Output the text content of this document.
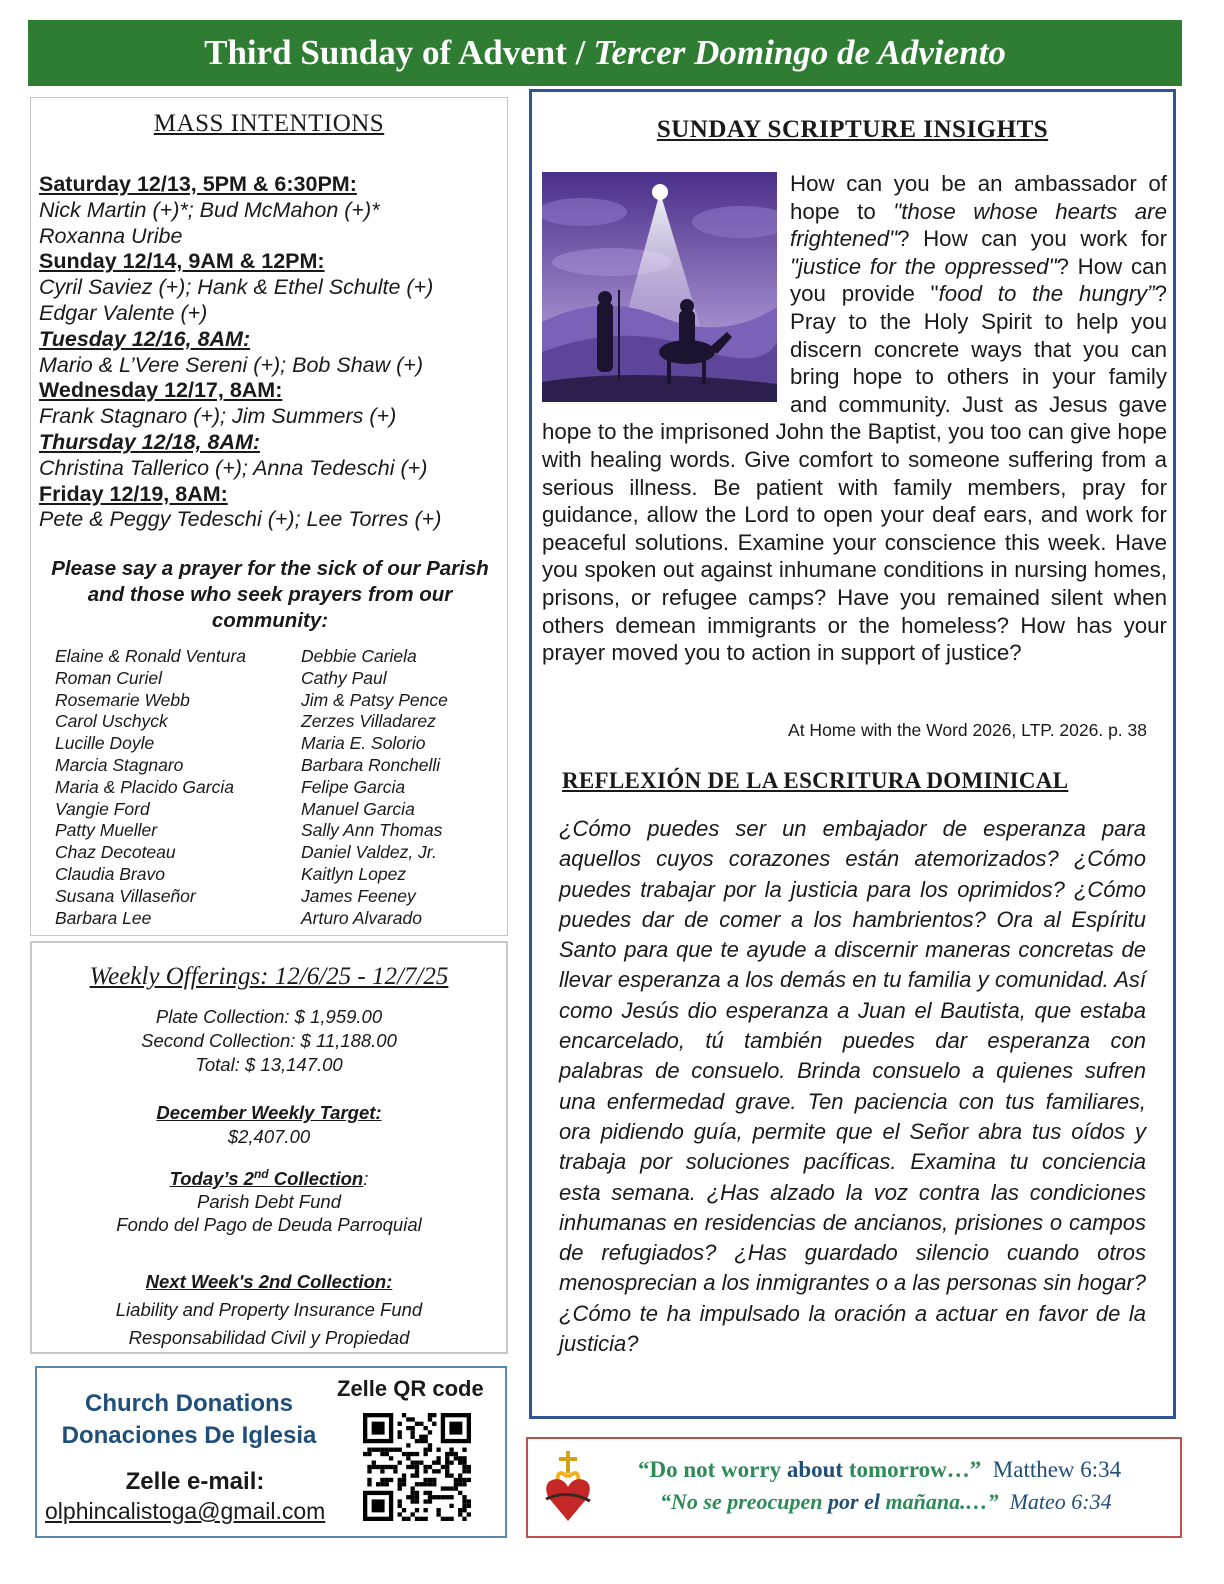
Third Sunday of Advent / Tercer Domingo de Adviento
MASS INTENTIONS
Saturday 12/13, 5PM & 6:30PM:
Nick Martin (+)*; Bud McMahon (+)*
Roxanna Uribe
Sunday 12/14, 9AM & 12PM:
Cyril Saviez (+); Hank & Ethel Schulte (+)
Edgar Valente (+)
Tuesday 12/16, 8AM:
Mario & L’Vere Sereni (+); Bob Shaw (+)
Wednesday 12/17, 8AM:
Frank Stagnaro (+); Jim Summers (+)
Thursday 12/18, 8AM:
Christina Tallerico (+); Anna Tedeschi (+)
Friday 12/19, 8AM:
Pete & Peggy Tedeschi (+); Lee Torres (+)
Please say a prayer for the sick of our Parish and those who seek prayers from our community:
Elaine & Ronald Ventura
Roman Curiel
Rosemarie Webb
Carol Uschyck
Lucille Doyle
Marcia Stagnaro
Maria & Placido Garcia
Vangie Ford
Patty Mueller
Chaz Decoteau
Claudia Bravo
Susana Villaseñor
Barbara Lee
Debbie Cariela
Cathy Paul
Jim & Patsy Pence
Zerzes Villadarez
Maria E. Solorio
Barbara Ronchelli
Felipe Garcia
Manuel Garcia
Sally Ann Thomas
Daniel Valdez, Jr.
Kaitlyn Lopez
James Feeney
Arturo Alvarado
Weekly Offerings: 12/6/25 - 12/7/25
Plate Collection: $ 1,959.00
Second Collection: $ 11,188.00
Total: $ 13,147.00
December Weekly Target:
$2,407.00
Today’s 2nd Collection:
Parish Debt Fund
Fondo del Pago de Deuda Parroquial
Next Week's 2nd Collection:
Liability and Property Insurance Fund
Responsabilidad Civil y Propiedad
Church Donations
Donaciones De Iglesia
Zelle QR code
Zelle e-mail:
olphincalistoga@gmail.com
SUNDAY SCRIPTURE INSIGHTS
How can you be an ambassador of hope to "those whose hearts are frightened"? How can you work for "justice for the oppressed"? How can you provide "food to the hungry”? Pray to the Holy Spirit to help you discern concrete ways that you can bring hope to others in your family and community. Just as Jesus gave hope to the imprisoned John the Baptist, you too can give hope with healing words. Give comfort to someone suffering from a serious illness. Be patient with family members, pray for guidance, allow the Lord to open your deaf ears, and work for peaceful solutions. Examine your conscience this week. Have you spoken out against inhumane conditions in nursing homes, prisons, or refugee camps? Have you remained silent when others demean immigrants or the homeless? How has your prayer moved you to action in support of justice?
At Home with the Word 2026, LTP. 2026. p. 38
REFLEXIÓN DE LA ESCRITURA DOMINICAL
¿Cómo puedes ser un embajador de esperanza para aquellos cuyos corazones están atemorizados? ¿Cómo puedes trabajar por la justicia para los oprimidos? ¿Cómo puedes dar de comer a los hambrientos? Ora al Espíritu Santo para que te ayude a discernir maneras concretas de llevar esperanza a los demás en tu familia y comunidad. Así como Jesús dio esperanza a Juan el Bautista, que estaba encarcelado, tú también puedes dar esperanza con palabras de consuelo. Brinda consuelo a quienes sufren una enfermedad grave. Ten paciencia con tus familiares, ora pidiendo guía, permite que el Señor abra tus oídos y trabaja por soluciones pacíficas. Examina tu conciencia esta semana. ¿Has alzado la voz contra las condiciones inhumanas en residencias de ancianos, prisiones o campos de refugiados? ¿Has guardado silencio cuando otros menosprecian a los inmigrantes o a las personas sin hogar? ¿Cómo te ha impulsado la oración a actuar en favor de la justicia?
“Do not worry about tomorrow…” Matthew 6:34
“No se preocupen por el mañana.…” Mateo 6:34
